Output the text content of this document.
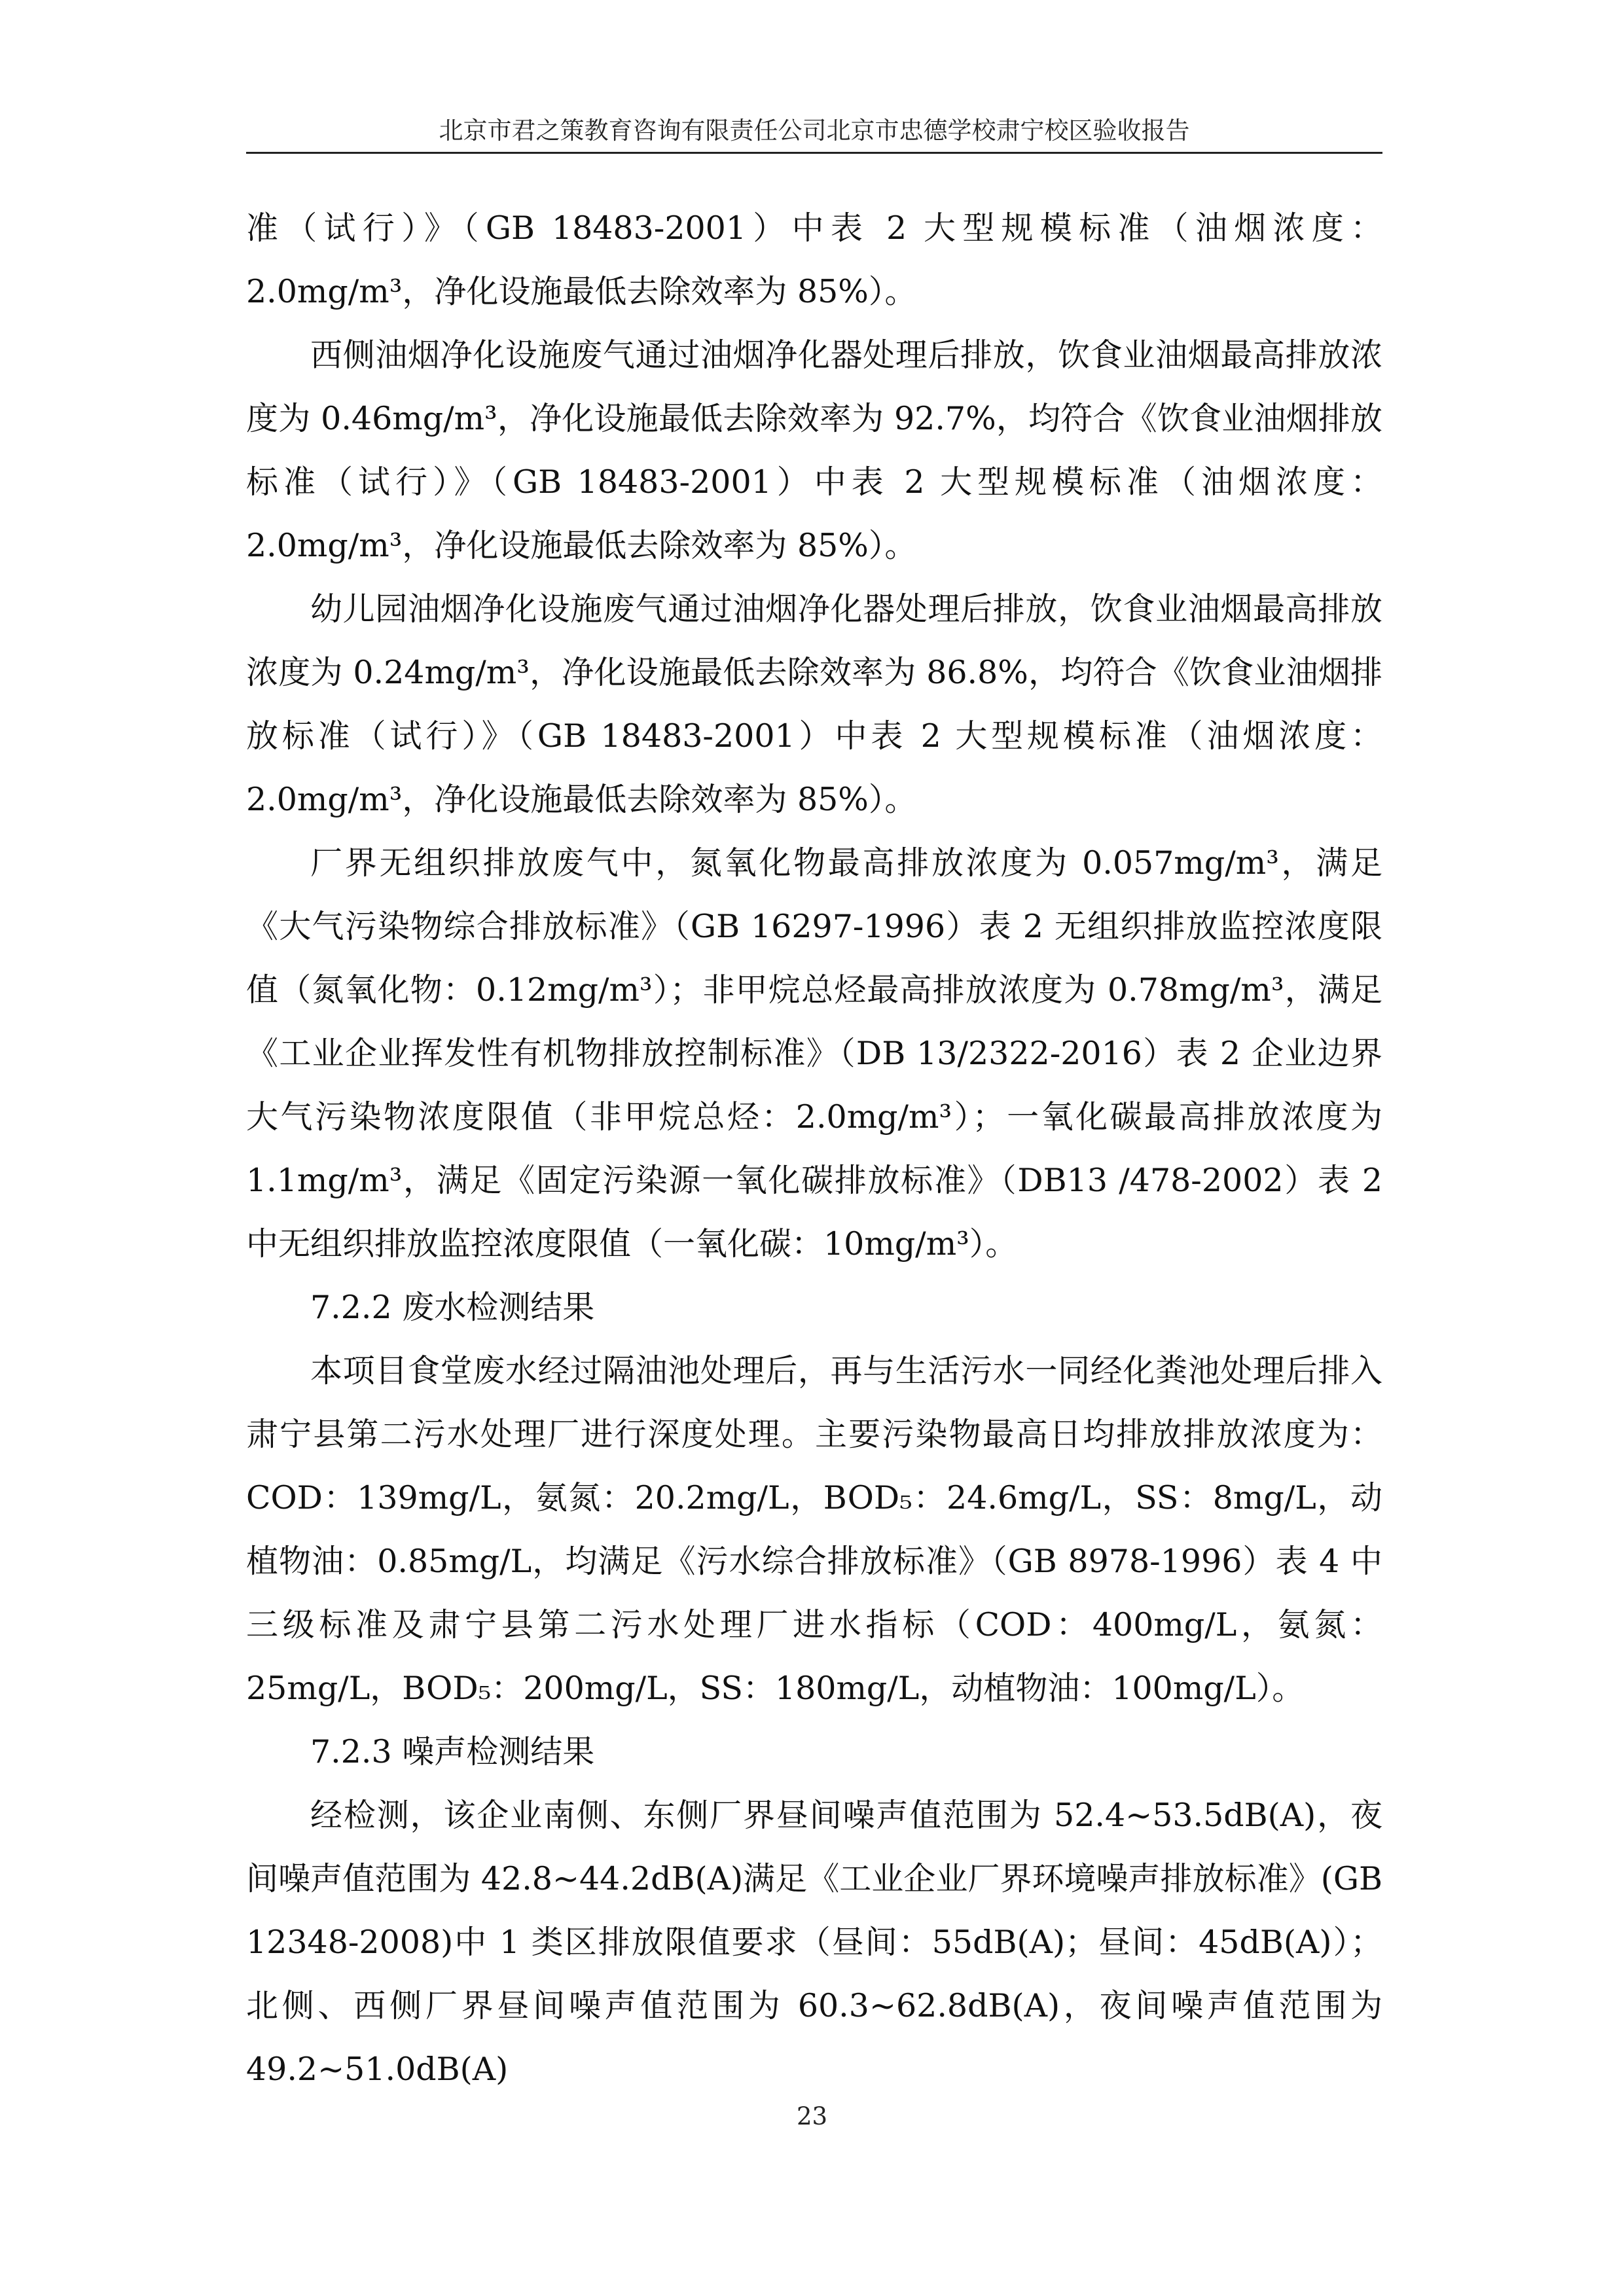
北京市君之策教育咨询有限责任公司北京市忠德学校肃宁校区验收报告

准（试行）》（GB 18483-2001）中表 2 大型规模标准（油烟浓度：2.0mg/m³，净化设施最低去除效率为 85%）。

西侧油烟净化设施废气通过油烟净化器处理后排放，饮食业油烟最高排放浓度为 0.46mg/m³，净化设施最低去除效率为 92.7%，均符合《饮食业油烟排放标准（试行）》（GB 18483-2001）中表 2 大型规模标准（油烟浓度：2.0mg/m³，净化设施最低去除效率为 85%）。

幼儿园油烟净化设施废气通过油烟净化器处理后排放，饮食业油烟最高排放浓度为 0.24mg/m³，净化设施最低去除效率为 86.8%，均符合《饮食业油烟排放标准（试行）》（GB 18483-2001）中表 2 大型规模标准（油烟浓度：2.0mg/m³，净化设施最低去除效率为 85%）。

厂界无组织排放废气中，氮氧化物最高排放浓度为 0.057mg/m³，满足《大气污染物综合排放标准》（GB 16297-1996）表 2 无组织排放监控浓度限值（氮氧化物：0.12mg/m³）；非甲烷总烃最高排放浓度为 0.78mg/m³，满足《工业企业挥发性有机物排放控制标准》（DB 13/2322-2016）表 2 企业边界大气污染物浓度限值（非甲烷总烃：2.0mg/m³）；一氧化碳最高排放浓度为 1.1mg/m³，满足《固定污染源一氧化碳排放标准》（DB13 /478-2002）表 2 中无组织排放监控浓度限值（一氧化碳：10mg/m³）。

7.2.2 废水检测结果

本项目食堂废水经过隔油池处理后，再与生活污水一同经化粪池处理后排入肃宁县第二污水处理厂进行深度处理。主要污染物最高日均排放排放浓度为：COD：139mg/L，氨氮：20.2mg/L，BOD₅：24.6mg/L，SS：8mg/L，动植物油：0.85mg/L，均满足《污水综合排放标准》（GB 8978-1996）表 4 中三级标准及肃宁县第二污水处理厂进水指标（COD：400mg/L，氨氮：25mg/L，BOD₅：200mg/L，SS：180mg/L，动植物油：100mg/L）。

7.2.3 噪声检测结果

经检测，该企业南侧、东侧厂界昼间噪声值范围为 52.4~53.5dB(A)，夜间噪声值范围为 42.8~44.2dB(A)满足《工业企业厂界环境噪声排放标准》(GB 12348-2008)中 1 类区排放限值要求（昼间：55dB(A)；昼间：45dB(A)）；北侧、西侧厂界昼间噪声值范围为 60.3~62.8dB(A)，夜间噪声值范围为 49.2~51.0dB(A)

23
